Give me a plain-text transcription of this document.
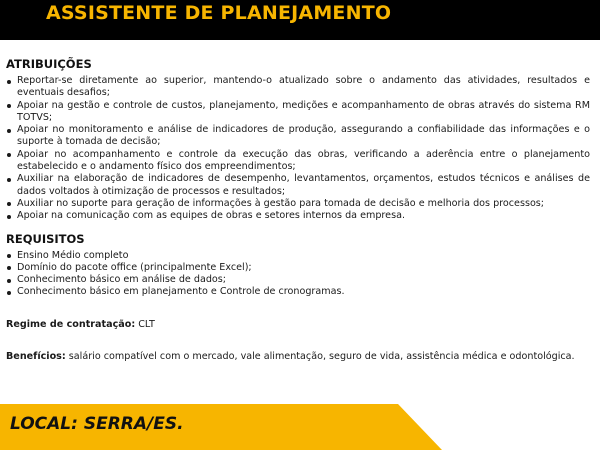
ASSISTENTE DE PLANEJAMENTO
ATRIBUIÇÕES
Reportar-se diretamente ao superior, mantendo-o atualizado sobre o andamento das atividades, resultados e eventuais desafios;
Apoiar na gestão e controle de custos, planejamento, medições e acompanhamento de obras através do sistema RM TOTVS;
Apoiar no monitoramento e análise de indicadores de produção, assegurando a confiabilidade das informações e o suporte à tomada de decisão;
Apoiar no acompanhamento e controle da execução das obras, verificando a aderência entre o planejamento estabelecido e o andamento físico dos empreendimentos;
Auxiliar na elaboração de indicadores de desempenho, levantamentos, orçamentos, estudos técnicos e análises de dados voltados à otimização de processos e resultados;
Auxiliar no suporte para geração de informações à gestão para tomada de decisão e melhoria dos processos;
Apoiar na comunicação com as equipes de obras e setores internos da empresa.
REQUISITOS
Ensino Médio completo
Domínio do pacote office (principalmente Excel);
Conhecimento básico em análise de dados;
Conhecimento básico em planejamento e Controle de cronogramas.
Regime de contratação: CLT
Benefícios: salário compatível com o mercado, vale alimentação, seguro de vida, assistência médica e odontológica.
LOCAL: SERRA/ES.
